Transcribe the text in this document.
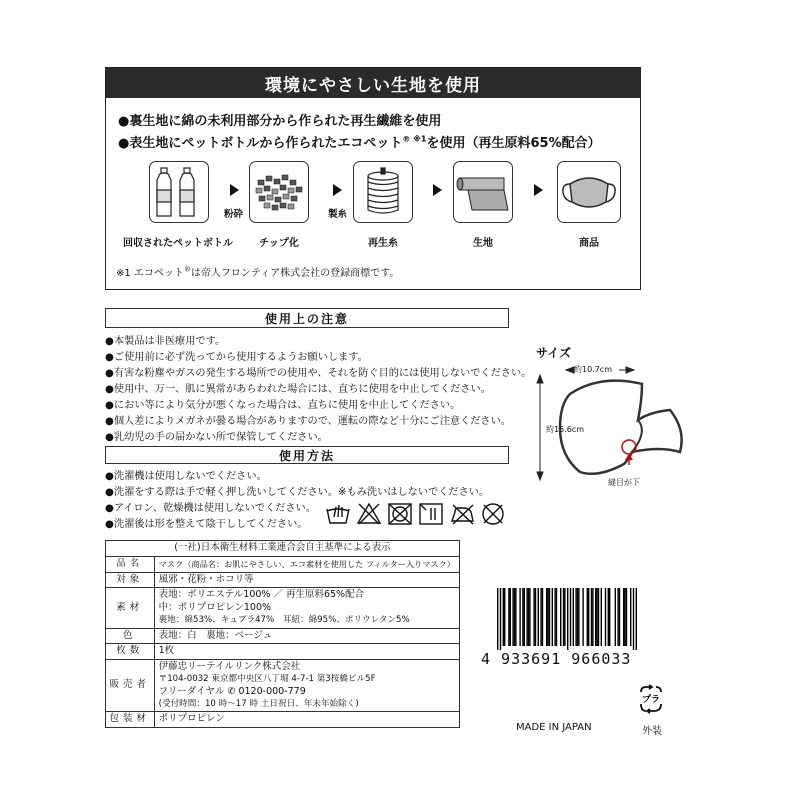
環境にやさしい生地を使用
●裏生地に綿の未利用部分から作られた再生繊維を使用
●表生地にペットボトルから作られたエコペット$^{® ※1}$を使用（再生原料65%配合）
粉砕	製糸
回収されたペットボトル	チップ化	再生糸	生地	商品
※1 エコペット®は帝人フロンティア株式会社の登録商標です。
使用上の注意
●本製品は非医療用です。
●ご使用前に必ず洗ってから使用するようお願いします。
●有害な粉塵やガスの発生する場所での使用や、それを防ぐ目的には使用しないでください。
●使用中、万一、肌に異常があらわれた場合には、直ちに使用を中止してください。
●におい等により気分が悪くなった場合は、直ちに使用を中止してください。
●個人差によりメガネが曇る場合がありますので、運転の際など十分にご注意ください。
●乳幼児の手の届かない所で保管してください。
使用方法
●洗濯機は使用しないでください。
●洗濯をする際は手で軽く押し洗いしてください。※もみ洗いはしないでください。
●アイロン、乾燥機は使用しないでください。
●洗濯後は形を整えて陰干ししてください。
サイズ
約10.7cm
約15.6cm
縫目が下
(一社)日本衛生材料工業連合会自主基準による表示	
品名	マスク（商品名：お肌にやさしい、エコ素材を使用した フィルター入りマスク）
対象	風邪・花粉・ホコリ等
素材	表地：ポリエステル100% ／ 再生原料65%配合
中：ポリプロピレン100%
裏地：綿53%、キュプラ47%　耳紐：綿95%、ポリウレタン5%

色	表地：白　裏地：ベージュ
枚数	1枚
販売者	伊藤忠リーテイルリンク株式会社
〒104-0032 東京都中央区八丁堀 4-7-1 第3桜橋ビル5F
フリーダイヤル ✆ 0120-000-779
(受付時間：10 時〜17 時 土日祝日、年末年始除く)

包装材	ポリプロピレン
4 933691 966033
プラ
MADE IN JAPAN	外装
